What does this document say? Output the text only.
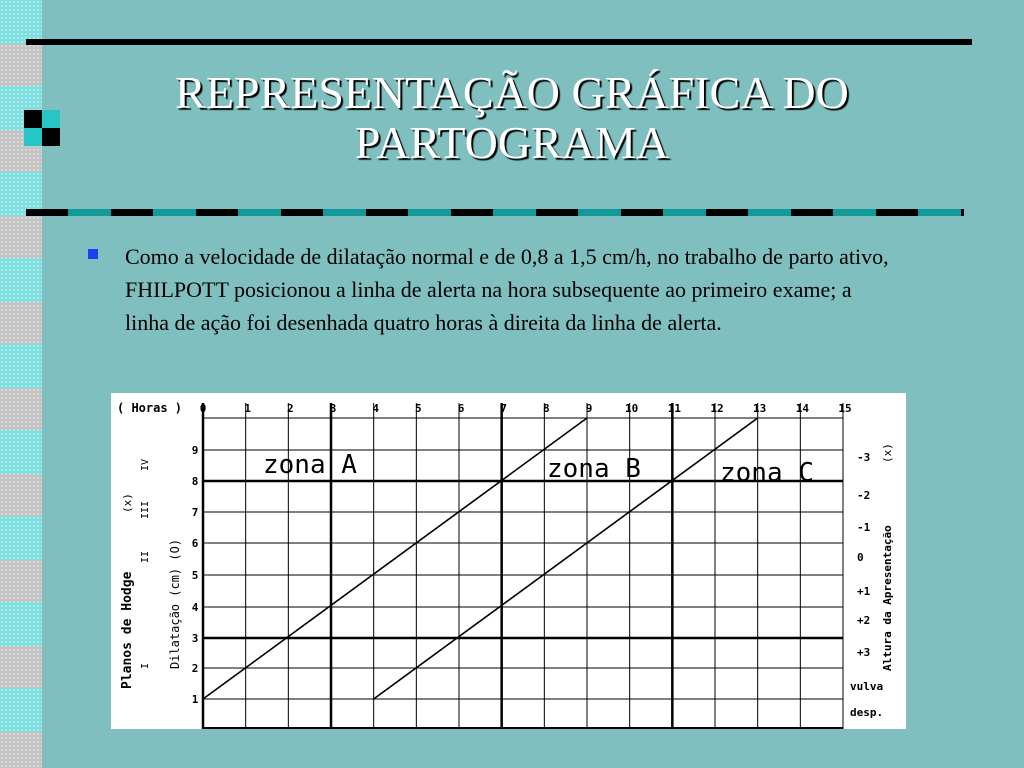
REPRESENTAÇÃO GRÁFICA DO
PARTOGRAMA
Como a velocidade de dilatação normal e de 0,8 a 1,5 cm/h, no trabalho de parto ativo, FHILPOTT posicionou a linha de alerta na hora subsequente ao primeiro exame; a linha de ação foi desenhada quatro horas à direita da linha de alerta.
0	1	2	3	4	5	6	7	8	9	10	11	12	13	14	15
1
2
3
4
5
6
7
8
9
-3
-2
-1
0
+1
+2
+3
vulva
desp.
( Horas )
zona A	zona B	zona C
Planos de Hodge
(x)
IV
III
II
I Dilatação (cm) (O)	Altura da Apresentação
(x)
